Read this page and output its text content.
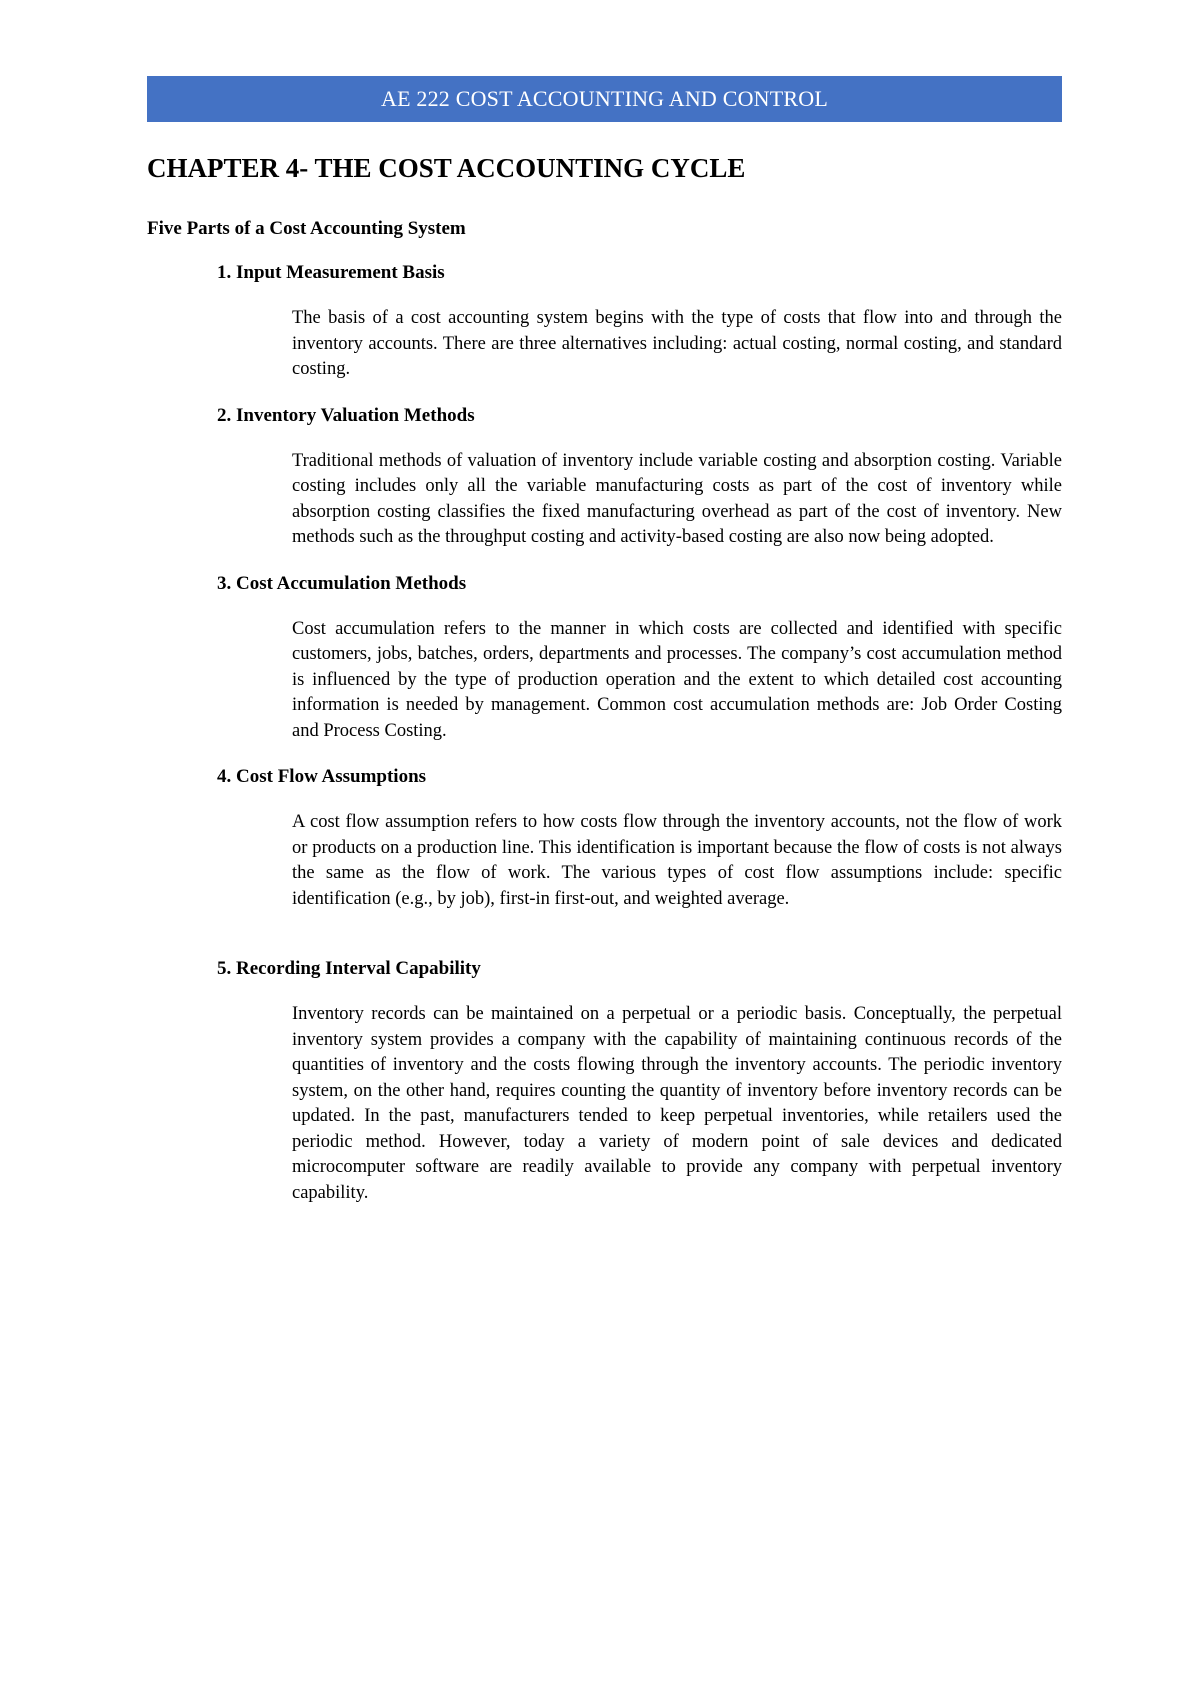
AE 222 COST ACCOUNTING AND CONTROL
CHAPTER 4- THE COST ACCOUNTING CYCLE

Five Parts of a Cost Accounting System

1. Input Measurement Basis

The basis of a cost accounting system begins with the type of costs that flow into and through the inventory accounts. There are three alternatives including: actual costing, normal costing, and standard costing.

2. Inventory Valuation Methods

Traditional methods of valuation of inventory include variable costing and absorption costing. Variable costing includes only all the variable manufacturing costs as part of the cost of inventory while absorption costing classifies the fixed manufacturing overhead as part of the cost of inventory. New methods such as the throughput costing and activity-based costing are also now being adopted.

3. Cost Accumulation Methods

Cost accumulation refers to the manner in which costs are collected and identified with specific customers, jobs, batches, orders, departments and processes. The company’s cost accumulation method is influenced by the type of production operation and the extent to which detailed cost accounting information is needed by management. Common cost accumulation methods are: Job Order Costing and Process Costing.

4. Cost Flow Assumptions

A cost flow assumption refers to how costs flow through the inventory accounts, not the flow of work or products on a production line. This identification is important because the flow of costs is not always the same as the flow of work. The various types of cost flow assumptions include: specific identification (e.g., by job), first-in first-out, and weighted average.

5. Recording Interval Capability

Inventory records can be maintained on a perpetual or a periodic basis. Conceptually, the perpetual inventory system provides a company with the capability of maintaining continuous records of the quantities of inventory and the costs flowing through the inventory accounts. The periodic inventory system, on the other hand, requires counting the quantity of inventory before inventory records can be updated. In the past, manufacturers tended to keep perpetual inventories, while retailers used the periodic method. However, today a variety of modern point of sale devices and dedicated microcomputer software are readily available to provide any company with perpetual inventory capability.
